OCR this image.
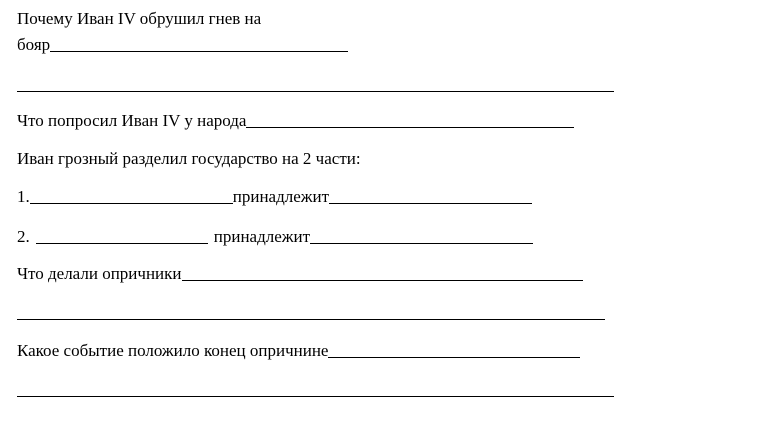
Почему Иван IV обрушил гнев на
бояр
Что попросил Иван IV у народа
Иван грозный разделил государство на 2 части:
1.	принадлежит
2.	принадлежит
Что делали опричники
Какое событие положило конец опричнине
